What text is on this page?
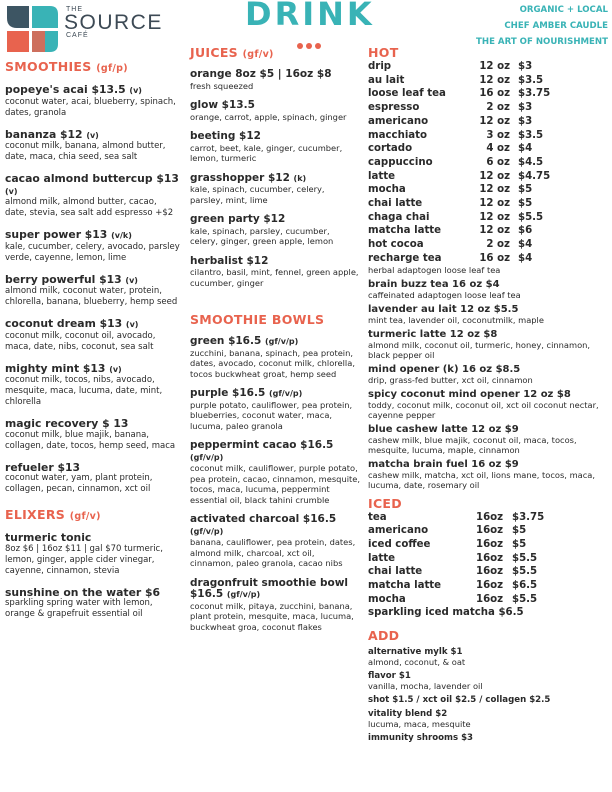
THE
SOURCE
CAFÉ
DRINK	ORGANIC + LOCAL
CHEF AMBER CAUDLE
THE ART OF NOURISHMENT
SMOOTHIES (gf/p)
popeye's acai $13.5 (v)
coconut water, acai, blueberry, spinach, dates, granola
bananza $12 (v)
coconut milk, banana, almond butter, date, maca, chia seed, sea salt
cacao almond buttercup $13 (v)
almond milk, almond butter, cacao, date, stevia, sea salt add espresso +$2
super power $13 (v/k)
kale, cucumber, celery, avocado, parsley verde, cayenne, lemon, lime
berry powerful $13 (v)
almond milk, coconut water, protein, chlorella, banana, blueberry, hemp seed
coconut dream $13 (v)
coconut milk, coconut oil, avocado, maca, date, nibs, coconut, sea salt
mighty mint $13 (v)
coconut milk, tocos, nibs, avocado, mesquite, maca, lucuma, date, mint, chlorella
magic recovery $ 13
coconut milk, blue majik, banana, collagen, date, tocos, hemp seed, maca
refueler $13
coconut water, yam, plant protein, collagen, pecan, cinnamon, xct oil
ELIXERS (gf/v)
turmeric tonic
8oz $6 | 16oz $11 | gal $70 turmeric, lemon, ginger, apple cider vinegar, cayenne, cinnamon, stevia
sunshine on the water $6
sparkling spring water with lemon, orange & grapefruit essential oil
JUICES (gf/v)
orange 8oz $5 | 16oz $8
fresh squeezed
glow $13.5
orange, carrot, apple, spinach, ginger
beeting $12
carrot, beet, kale, ginger, cucumber, lemon, turmeric
grasshopper $12 (k)
kale, spinach, cucumber, celery, parsley, mint, lime
green party $12
kale, spinach, parsley, cucumber, celery, ginger, green apple, lemon
herbalist $12
cilantro, basil, mint, fennel, green apple, cucumber, ginger
SMOOTHIE BOWLS
green $16.5 (gf/v/p)
zucchini, banana, spinach, pea protein, dates, avocado, coconut milk, chlorella, tocos buckwheat groat, hemp seed
purple $16.5 (gf/v/p)
purple potato, cauliflower, pea protein, blueberries, coconut water, maca, lucuma, paleo granola
peppermint cacao $16.5 (gf/v/p)
coconut milk, cauliflower, purple potato, pea protein, cacao, cinnamon, mesquite, tocos, maca, lucuma, peppermint essential oil, black tahini crumble
activated charcoal $16.5 (gf/v/p)
banana, cauliflower, pea protein, dates, almond milk, charcoal, xct oil, cinnamon, paleo granola, cacao nibs
dragonfruit smoothie bowl $16.5 (gf/v/p)
coconut milk, pitaya, zucchini, banana, plant protein, mesquite, maca, lucuma, buckwheat groa, coconut flakes
HOT
drip	12 oz $3
au lait	12 oz $3.5
loose leaf tea	16 oz $3.75
espresso	2 oz $3
americano	12 oz $3
macchiato	3 oz $3.5
cortado	4 oz $4
cappuccino	6 oz $4.5
latte	12 oz $4.75
mocha	12 oz $5
chai latte	12 oz $5
chaga chai	12 oz $5.5
matcha latte	12 oz $6
hot cocoa	2 oz $4
recharge tea	16 oz $4
herbal adaptogen loose leaf tea
brain buzz tea 16 oz $4
caffeinated adaptogen loose leaf tea
lavender au lait 12 oz $5.5
mint tea, lavender oil, coconutmilk, maple
turmeric latte 12 oz $8
almond milk, coconut oil, turmeric, honey, cinnamon, black pepper oil
mind opener (k) 16 oz $8.5
drip, grass-fed butter, xct oil, cinnamon
spicy coconut mind opener 12 oz $8
toddy, coconut milk, coconut oil, xct oil coconut nectar, cayenne pepper
blue cashew latte 12 oz $9
cashew milk, blue majik, coconut oil, maca, tocos, mesquite, lucuma, maple, cinnamon
matcha brain fuel 16 oz $9
cashew milk, matcha, xct oil, lions mane, tocos, maca, lucuma, date, rosemary oil
ICED
tea	16oz $3.75
americano	16oz $5
iced coffee	16oz $5
latte	16oz $5.5
chai latte	16oz $5.5
matcha latte	16oz $6.5
mocha	16oz $5.5
sparkling iced matcha $6.5
ADD
alternative mylk $1
almond, coconut, & oat
flavor $1
vanilla, mocha, lavender oil
shot $1.5 / xct oil $2.5 / collagen $2.5
vitality blend $2
lucuma, maca, mesquite
immunity shrooms $3
